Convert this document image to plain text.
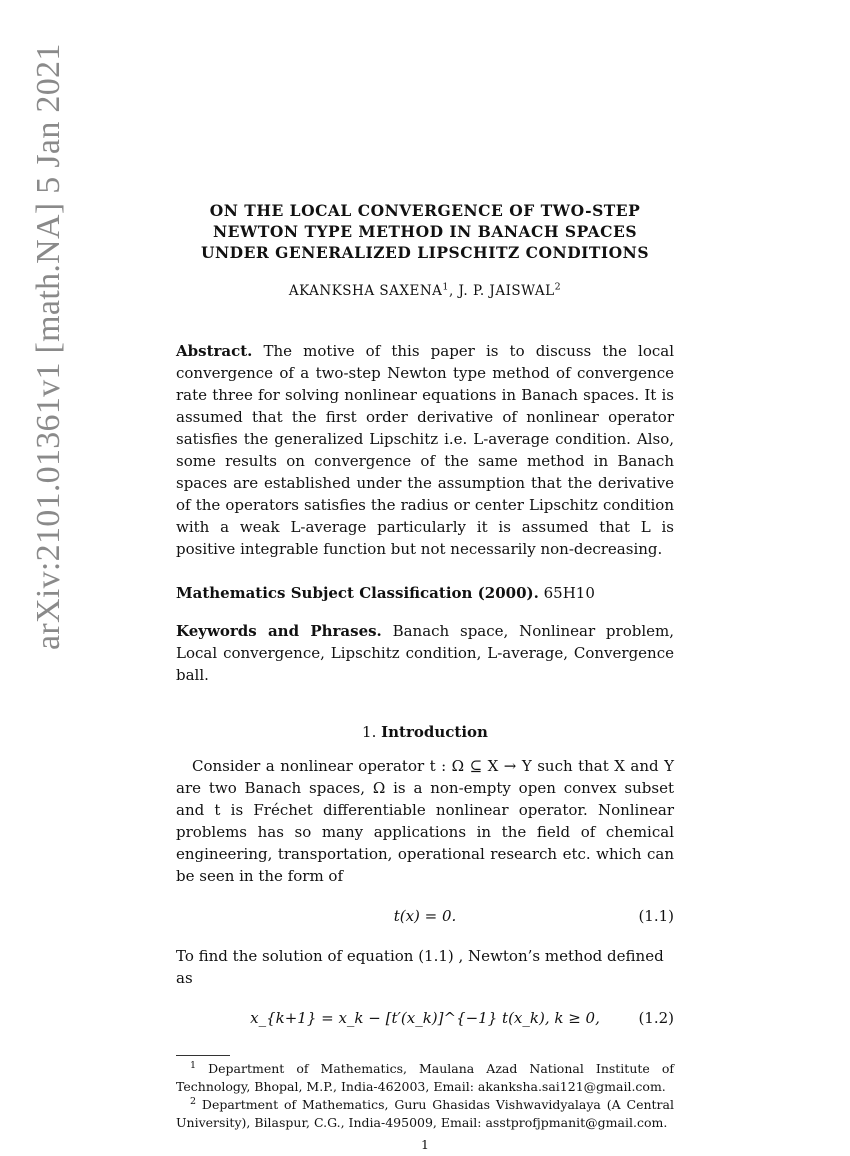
arXiv:2101.01361v1 [math.NA] 5 Jan 2021	ON THE LOCAL CONVERGENCE OF TWO-STEP
NEWTON TYPE METHOD IN BANACH SPACES
UNDER GENERALIZED LIPSCHITZ CONDITIONS
AKANKSHA SAXENA$^1$, J. P. JAISWAL$^2$
Abstract. The motive of this paper is to discuss the local convergence of a two-step Newton type method of convergence rate three for solving nonlinear equations in Banach spaces. It is assumed that the first order derivative of nonlinear operator satisfies the generalized Lipschitz i.e. L-average condition. Also, some results on convergence of the same method in Banach spaces are established under the assumption that the derivative of the operators satisfies the radius or center Lipschitz condition with a weak L-average particularly it is assumed that L is positive integrable function but not necessarily non-decreasing.
Mathematics Subject Classification (2000). 65H10
Keywords and Phrases. Banach space, Nonlinear problem, Local convergence, Lipschitz condition, L-average, Convergence ball.
1. Introduction
Consider a nonlinear operator t : Ω ⊆ X → Y such that X and Y are two Banach spaces, Ω is a non-empty open convex subset and t is Fréchet differentiable nonlinear operator. Nonlinear problems has so many applications in the field of chemical engineering, transportation, operational research etc. which can be seen in the form of
t(x) = 0.	(1.1)
To find the solution of equation (1.1) , Newton’s method defined as
x_{k+1} = x_k − [t′(x_k)]^{−1} t(x_k), k ≥ 0,	(1.2)
$^1$ Department of Mathematics, Maulana Azad National Institute of Technology, Bhopal, M.P., India-462003, Email: akanksha.sai121@gmail.com.
$^2$ Department of Mathematics, Guru Ghasidas Vishwavidyalaya (A Central University), Bilaspur, C.G., India-495009, Email: asstprofjpmanit@gmail.com.
1
